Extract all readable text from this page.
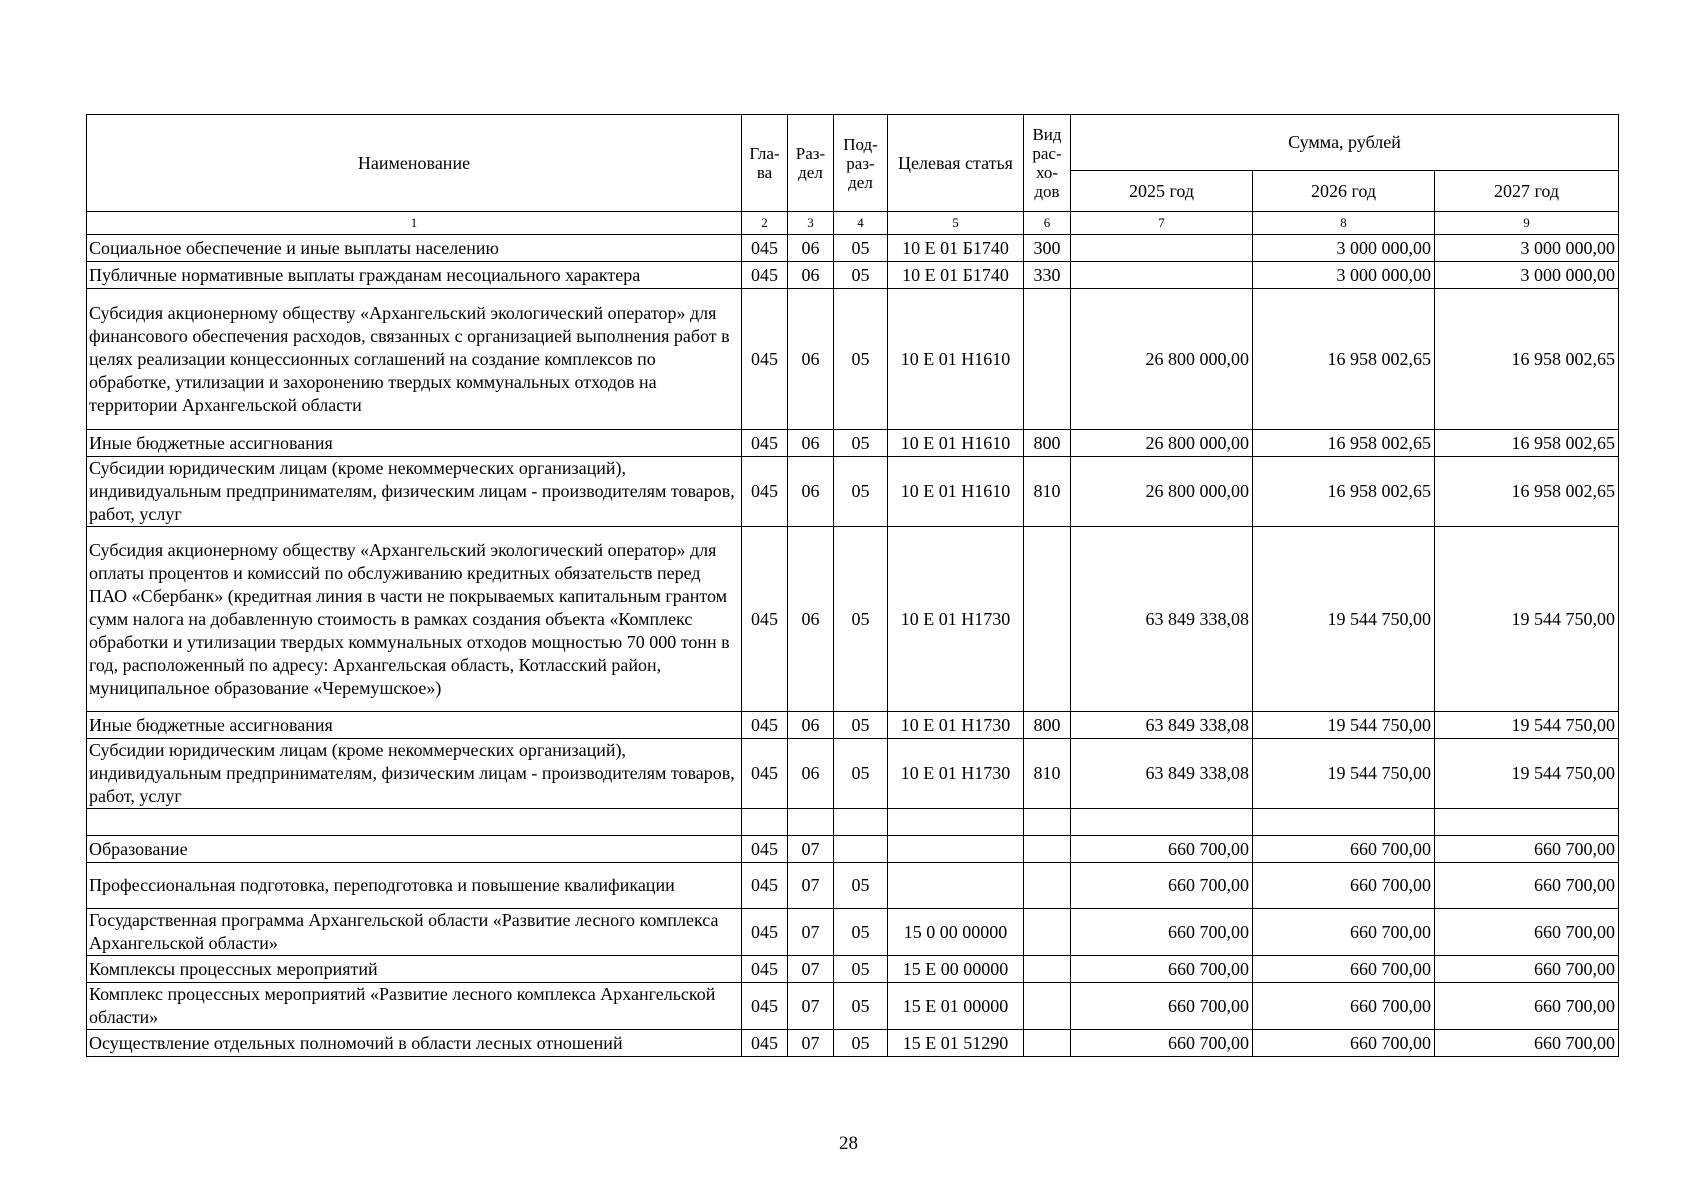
Наименование	Гла-ва	Раз-дел	Под-раз-дел	Целевая статья	Вид рас-хо-дов	Сумма, рублей		
						2025 год	2026 год	2027 год
1	2	3	4	5	6	7	8	9
Социальное обеспечение и иные выплаты населению	045	06	05	10 Е 01 Б1740	300		3 000 000,00	3 000 000,00
Публичные нормативные выплаты гражданам несоциального характера	045	06	05	10 Е 01 Б1740	330		3 000 000,00	3 000 000,00
Субсидия акционерному обществу «Архангельский экологический оператор» для финансового обеспечения расходов, связанных с организацией выполнения работ в целях реализации концессионных соглашений на создание комплексов по обработке, утилизации и захоронению твердых коммунальных отходов на территории Архангельской области	045	06	05	10 Е 01 Н1610		26 800 000,00	16 958 002,65	16 958 002,65
Иные бюджетные ассигнования	045	06	05	10 Е 01 Н1610	800	26 800 000,00	16 958 002,65	16 958 002,65
Субсидии юридическим лицам (кроме некоммерческих организаций), индивидуальным предпринимателям, физическим лицам - производителям товаров, работ, услуг	045	06	05	10 Е 01 Н1610	810	26 800 000,00	16 958 002,65	16 958 002,65
Субсидия акционерному обществу «Архангельский экологический оператор» для оплаты процентов и комиссий по обслуживанию кредитных обязательств перед ПАО «Сбербанк» (кредитная линия в части не покрываемых капитальным грантом сумм налога на добавленную стоимость в рамках создания объекта «Комплекс обработки и утилизации твердых коммунальных отходов мощностью 70 000 тонн в год, расположенный по адресу: Архангельская область, Котласский район, муниципальное образование «Черемушское»)	045	06	05	10 Е 01 Н1730		63 849 338,08	19 544 750,00	19 544 750,00
Иные бюджетные ассигнования	045	06	05	10 Е 01 Н1730	800	63 849 338,08	19 544 750,00	19 544 750,00
Субсидии юридическим лицам (кроме некоммерческих организаций), индивидуальным предпринимателям, физическим лицам - производителям товаров, работ, услуг	045	06	05	10 Е 01 Н1730	810	63 849 338,08	19 544 750,00	19 544 750,00

Образование	045	07				660 700,00	660 700,00	660 700,00
Профессиональная подготовка, переподготовка и повышение квалификации	045	07	05			660 700,00	660 700,00	660 700,00
Государственная программа Архангельской области «Развитие лесного комплекса Архангельской области»	045	07	05	15 0 00 00000		660 700,00	660 700,00	660 700,00
Комплексы процессных мероприятий	045	07	05	15 Е 00 00000		660 700,00	660 700,00	660 700,00
Комплекс процессных мероприятий «Развитие лесного комплекса Архангельской области»	045	07	05	15 Е 01 00000		660 700,00	660 700,00	660 700,00
Осуществление отдельных полномочий в области лесных отношений	045	07	05	15 Е 01 51290		660 700,00	660 700,00	660 700,00
28
